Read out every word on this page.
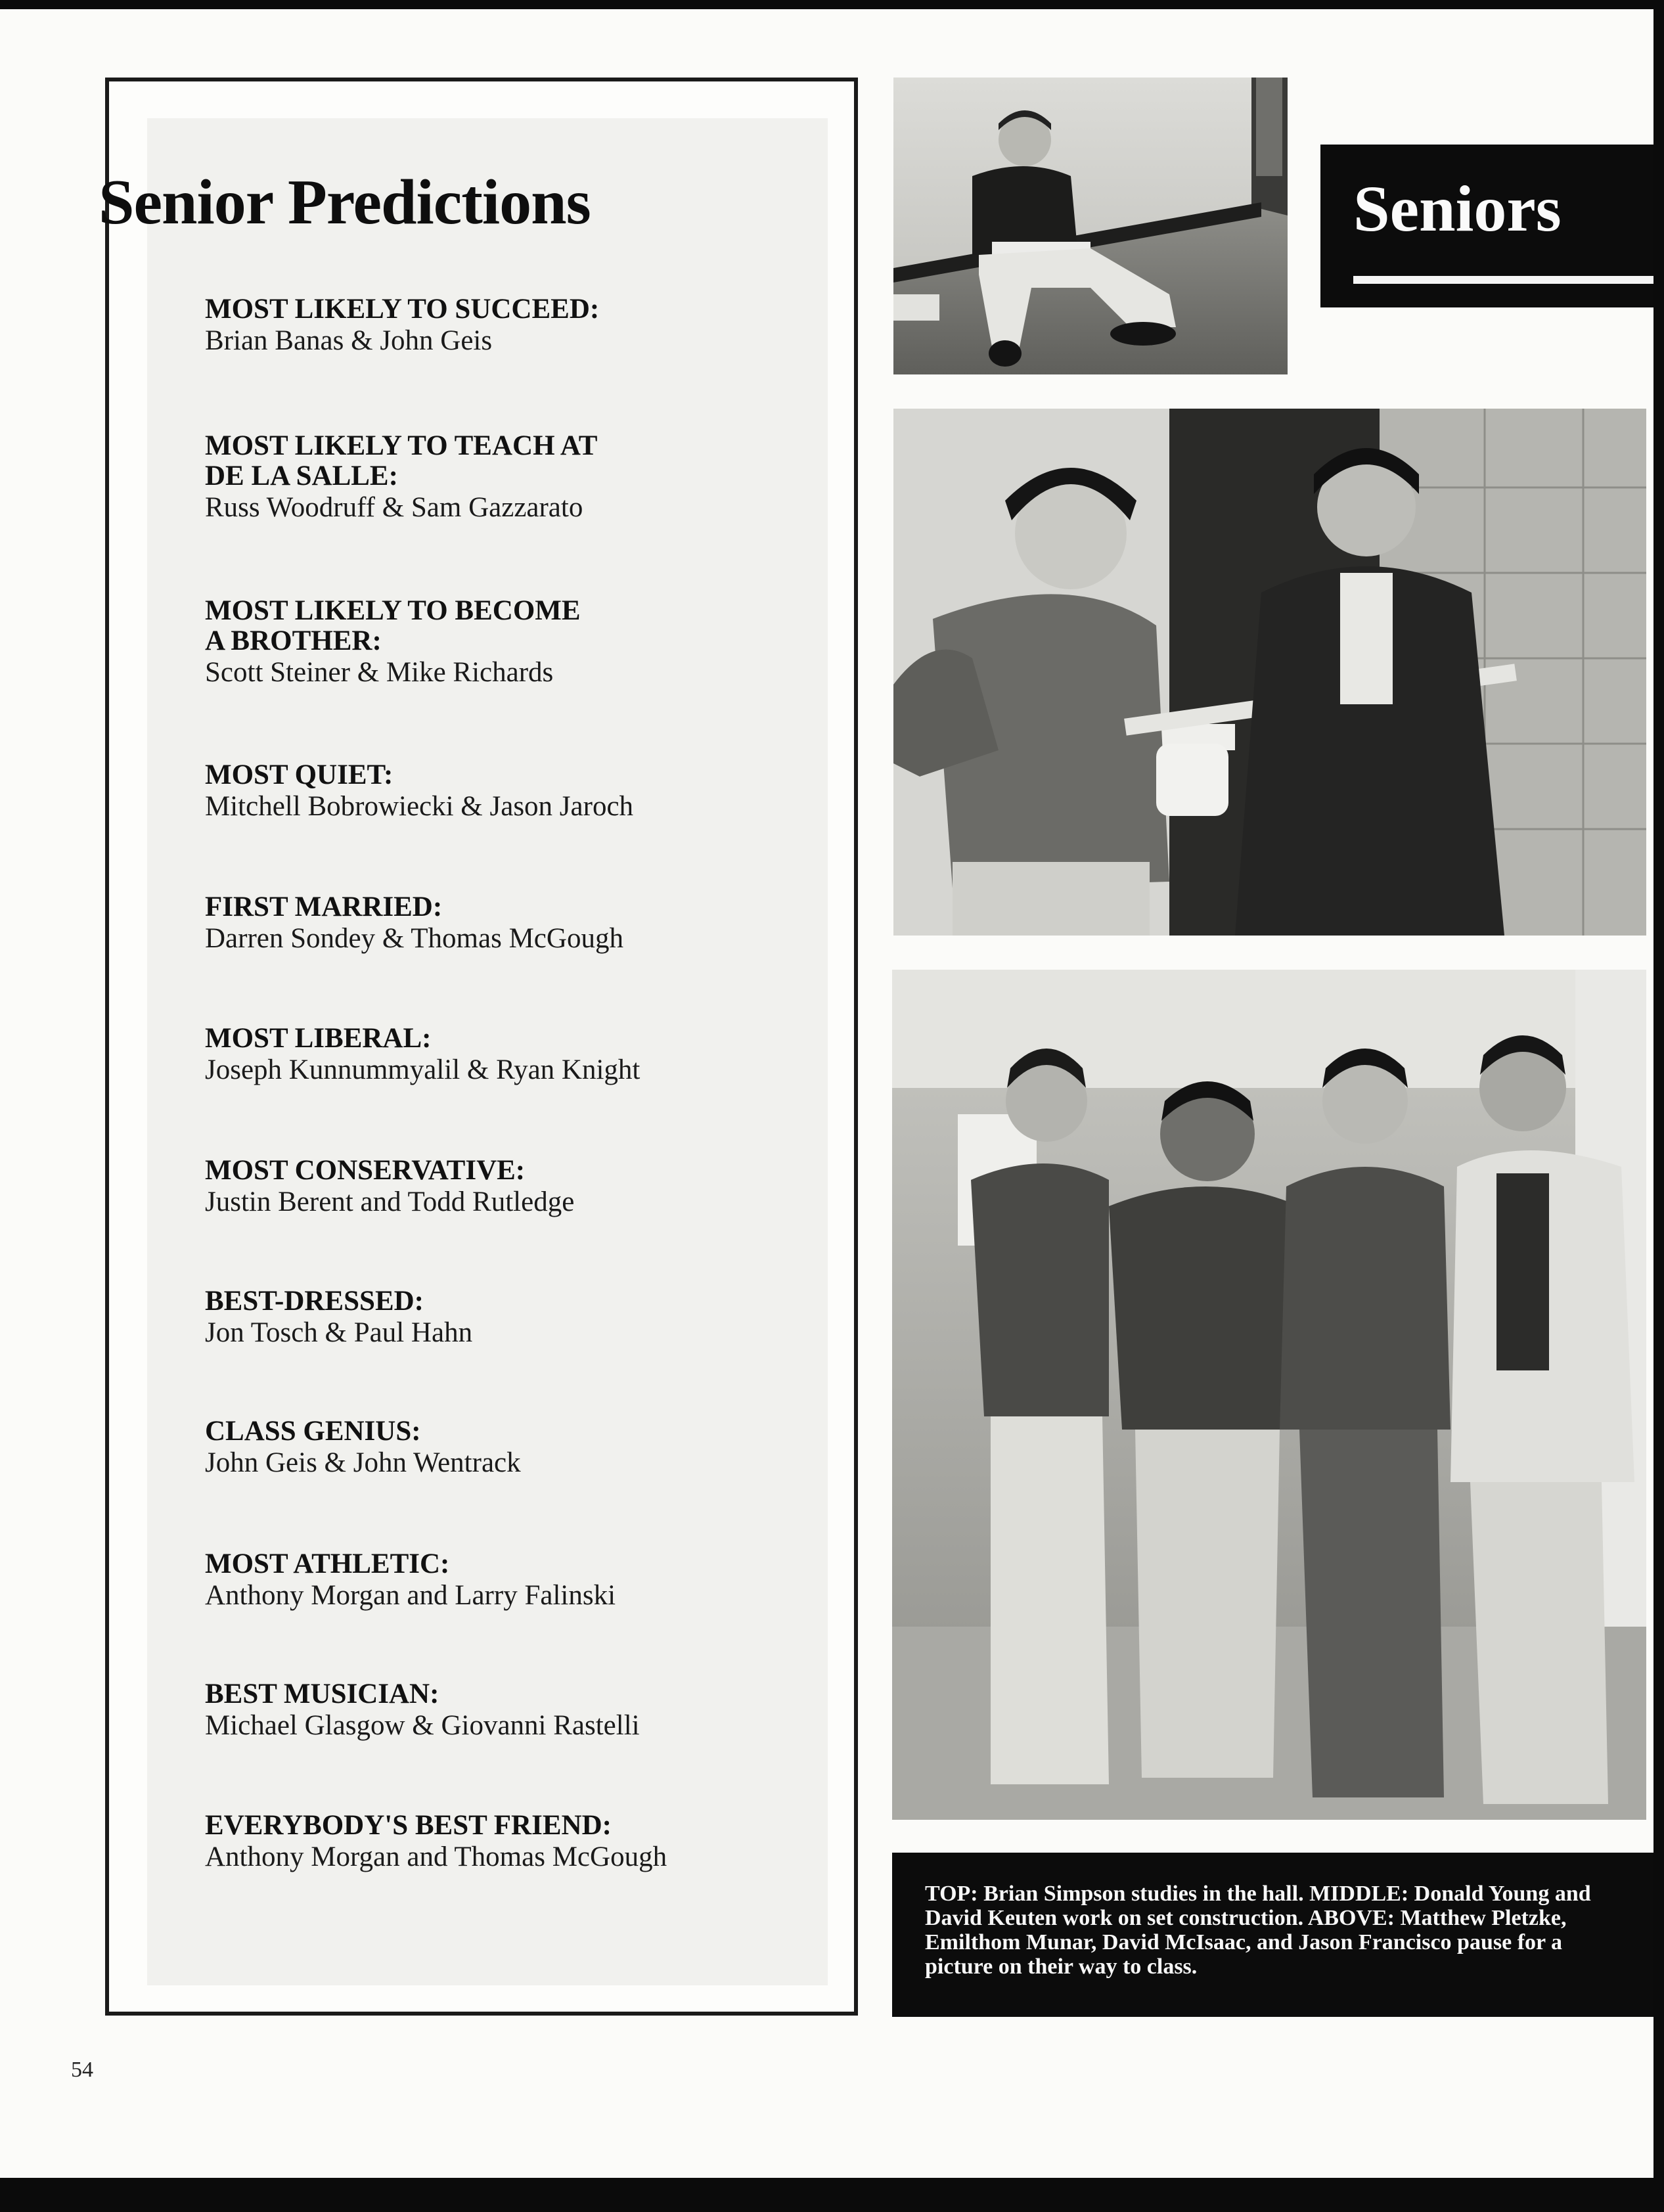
Senior Predictions
MOST LIKELY TO SUCCEED:
Brian Banas & John Geis
MOST LIKELY TO TEACH AT
DE LA SALLE:
Russ Woodruff & Sam Gazzarato
MOST LIKELY TO BECOME
A BROTHER:
Scott Steiner & Mike Richards
MOST QUIET:
Mitchell Bobrowiecki & Jason Jaroch
FIRST MARRIED:
Darren Sondey & Thomas McGough
MOST LIBERAL:
Joseph Kunnummyalil & Ryan Knight
MOST CONSERVATIVE:
Justin Berent and Todd Rutledge
BEST-DRESSED:
Jon Tosch & Paul Hahn
CLASS GENIUS:
John Geis & John Wentrack
MOST ATHLETIC:
Anthony Morgan and Larry Falinski
BEST MUSICIAN:
Michael Glasgow & Giovanni Rastelli
EVERYBODY'S BEST FRIEND:
Anthony Morgan and Thomas McGough
Seniors
TOP: Brian Simpson studies in the hall. MIDDLE: Donald Young and David Keuten work on set construction. ABOVE: Matthew Pletzke, Emilthom Munar, David McIsaac, and Jason Francisco pause for a picture on their way to class.
54
